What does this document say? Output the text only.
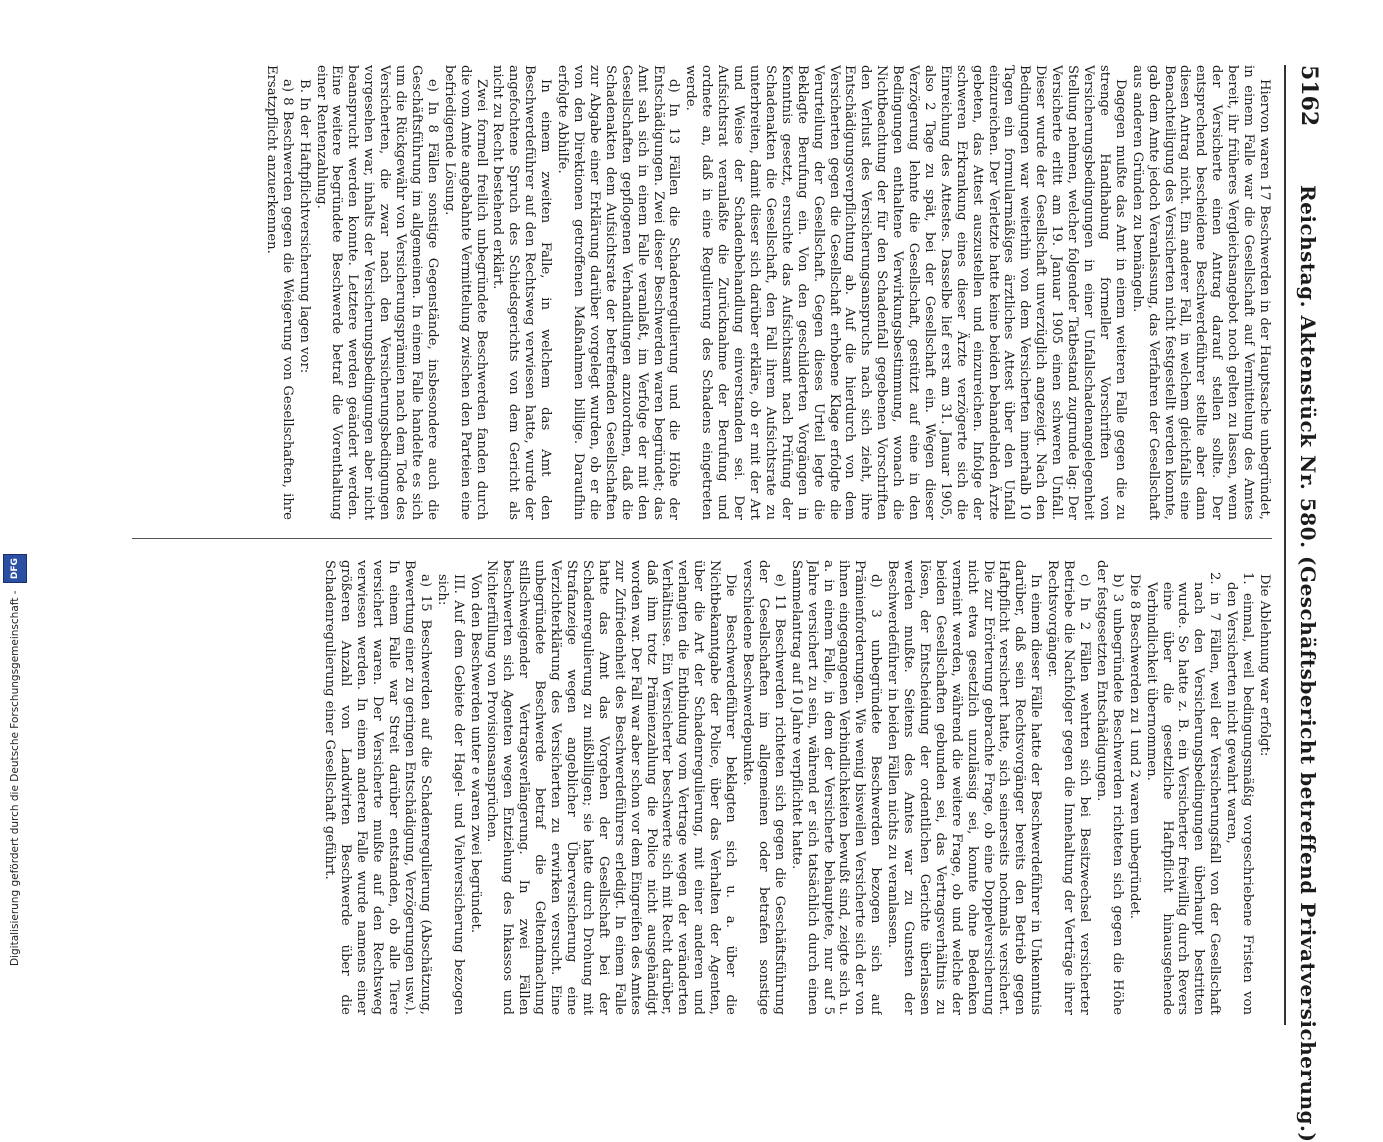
5162
Reichstag. Aktenstück Nr. 580. (Geschäftsbericht betreffend Privatversicherung.)

Hiervon waren 17 Beschwerden in der Hauptsache unbegründet, in einem Falle war die Gesellschaft auf Vermittelung des Amtes bereit, ihr früheres Vergleichsangebot noch gelten zu lassen, wenn der Versicherte einen Antrag darauf stellen sollte. Der entsprechend bescheidene Beschwerdeführer stellte aber dann diesen Antrag nicht. Ein anderer Fall, in welchem gleichfalls eine Benachteiligung des Versicherten nicht festgestellt werden konnte, gab dem Amte jedoch Veranlassung, das Verfahren der Gesellschaft aus anderen Gründen zu bemängeln.

Dagegen mußte das Amt in einem weiteren Falle gegen die zu strenge Handhabung formeller Vorschriften von Versicherungsbedingungen in einer Unfallschadenangelegenheit Stellung nehmen, welcher folgender Tatbestand zugrunde lag: Der Versicherte erlitt am 19. Januar 1905 einen schweren Unfall. Dieser wurde der Gesellschaft unverzüglich angezeigt. Nach den Bedingungen war weiterhin von dem Versicherten innerhalb 10 Tagen ein formularmäßiges ärztliches Attest über den Unfall einzureichen. Der Verletzte hatte keine beiden behandelnden Ärzte gebeten, das Attest auszustellen und einzureichen. Infolge der schweren Erkrankung eines dieser Ärzte verzögerte sich die Einreichung des Attestes. Dasselbe lief erst am 31. Januar 1905, also 2 Tage zu spät, bei der Gesellschaft ein. Wegen dieser Verzögerung lehnte die Gesellschaft, gestützt auf eine in den Bedingungen enthaltene Verwirkungsbestimmung, wonach die Nichtbeachtung der für den Schadenfall gegebenen Vorschriften den Verlust des Versicherungsanspruchs nach sich zieht, ihre Entschädigungsverpflichtung ab. Auf die hierdurch von dem Versicherten gegen die Gesellschaft erhobene Klage erfolgte die Verurteilung der Gesellschaft. Gegen dieses Urteil legte die Beklagte Berufung ein. Von den geschilderten Vorgängen in Kenntnis gesetzt, ersuchte das Aufsichtsamt nach Prüfung der Schadenakten die Gesellschaft, den Fall ihrem Aufsichtsrate zu unterbreiten, damit dieser sich darüber erkläre, ob er mit der Art und Weise der Schadenbehandlung einverstanden sei. Der Aufsichtsrat veranlaßte die Zurücknahme der Berufung und ordnete an, daß in eine Regulierung des Schadens eingetreten werde.

d) In 13 Fällen die Schadenregulierung und die Höhe der Entschädigungen. Zwei dieser Beschwerden waren begründet; das Amt sah sich in einem Falle veranlaßt, im Verfolge der mit den Gesellschaften gepflogenen Verhandlungen anzuordnen, daß die Schadenakten dem Aufsichtsrate der betreffenden Gesellschaften zur Abgabe einer Erklärung darüber vorgelegt wurden, ob er die von den Direktionen getroffenen Maßnahmen billige. Daraufhin erfolgte Abhilfe.

In einem zweiten Falle, in welchem das Amt den Beschwerdeführer auf den Rechtsweg verwiesen hatte, wurde der angefochtene Spruch des Schiedsgerichts von dem Gericht als nicht zu Recht bestehend erklärt.

Zwei formell freilich unbegründete Beschwerden fanden durch die vom Amte angebahnte Vermittelung zwischen den Parteien eine befriedigende Lösung.

e) In 8 Fällen sonstige Gegenstände, insbesondere auch die Geschäftsführung im allgemeinen. In einem Falle handelte es sich um die Rückgewähr von Versicherungsprämien nach dem Tode des Versicherten, die zwar nach den Versicherungsbedingungen vorgesehen war, inhalts der Versicherungsbedingungen aber nicht beansprucht werden konnte. Letztere werden geändert werden. Eine weitere begründete Beschwerde betraf die Vorenthaltung einer Rentenzahlung.

B. In der Haftpflichtversicherung lagen vor:

a) 8 Beschwerden gegen die Weigerung von Gesellschaften, ihre Ersatzpflicht anzuerkennen.

Die Ablehnung war erfolgt:

1. einmal, weil bedingungsmäßig vorgeschriebene Fristen von den Versicherten nicht gewahrt waren,

2. in 7 Fällen, weil der Versicherungsfall von der Gesellschaft nach den Versicherungsbedingungen überhaupt bestritten wurde. So hatte z. B. ein Versicherter freiwillig durch Revers eine über die gesetzliche Haftpflicht hinausgehende Verbindlichkeit übernommen.

Die 8 Beschwerden zu 1 und 2 waren unbegründet.

b) 3 unbegründete Beschwerden richteten sich gegen die Höhe der festgesetzten Entschädigungen.

c) In 2 Fällen wehrten sich bei Besitzwechsel versicherter Betriebe die Nachfolger gegen die Innehaltung der Verträge ihrer Rechtsvorgänger.

In einem dieser Fälle hatte der Beschwerdeführer in Unkenntnis darüber, daß sein Rechtsvorgänger bereits den Betrieb gegen Haftpflicht versichert hatte, sich seinerseits nochmals versichert. Die zur Erörterung gebrachte Frage, ob eine Doppelversicherung nicht etwa gesetzlich unzulässig sei, konnte ohne Bedenken verneint werden, während die weitere Frage, ob und welche der beiden Gesellschaften gebunden sei, das Vertragsverhältnis zu lösen, der Entscheidung der ordentlichen Gerichte überlassen werden mußte. Seitens des Amtes war zu Gunsten der Beschwerdeführer in beiden Fällen nichts zu veranlassen.

d) 3 unbegründete Beschwerden bezogen sich auf Prämienforderungen. Wie wenig bisweilen Versicherte sich der von ihnen eingegangenen Verbindlichkeiten bewußt sind, zeigte sich u. a. in einem Falle, in dem der Versicherte behauptete, nur auf 5 Jahre versichert zu sein, während er sich tatsächlich durch einen Sammelantrag auf 10 Jahre verpflichtet hatte.

e) 11 Beschwerden richteten sich gegen die Geschäftsführung der Gesellschaften im allgemeinen oder betrafen sonstige verschiedene Beschwerdepunkte.

Die Beschwerdeführer beklagten sich u. a. über die Nichtbekanntgabe der Police, über das Verhalten der Agenten, über die Art der Schadenregulierung, mit einer anderen und verlangten die Entbindung vom Vertrage wegen der veränderten Verhältnisse. Ein Versicherter beschwerte sich mit Recht darüber, daß ihm trotz Prämienzahlung die Police nicht ausgehändigt worden war. Der Fall war aber schon vor dem Eingreifen des Amtes zur Zufriedenheit des Beschwerdeführers erledigt. In einem Falle hatte das Amt das Vorgehen der Gesellschaft bei der Schadenregulierung zu mißbilligen; sie hatte durch Drohung mit Strafanzeige wegen angeblicher Überversicherung eine Verzichterklärung des Versicherten zu erwirken versucht. Eine unbegründete Beschwerde betraf die Geltendmachung stillschweigender Vertragsverlängerung. In zwei Fällen beschwerten sich Agenten wegen Entziehung des Inkassos und Nichterfüllung von Provisionsansprüchen.

Von den Beschwerden unter e waren zwei begründet.

III. Auf dem Gebiete der Hagel- und Viehversicherung bezogen sich:

a) 15 Beschwerden auf die Schadenregulierung (Abschätzung, Bewertung einer zu geringen Entschädigung, Verzögerungen usw.). In einem Falle war Streit darüber entstanden, ob alle Tiere versichert waren. Der Versicherte mußte auf den Rechtsweg verwiesen werden. In einem anderen Falle wurde namens einer größeren Anzahl von Landwirten Beschwerde über die Schadenregulierung einer Gesellschaft geführt.

Digitalisierung gefördert durch die Deutsche Forschungsgemeinschaft - DFG
